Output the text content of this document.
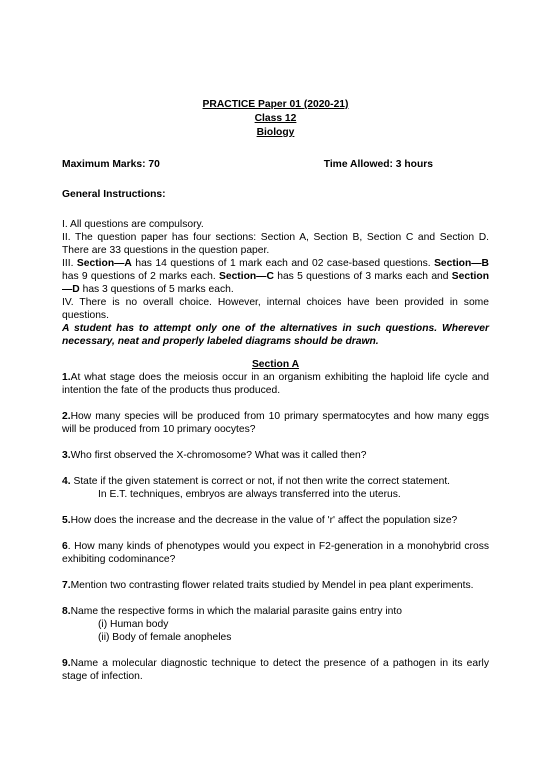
PRACTICE Paper 01 (2020-21)
Class 12
Biology
Maximum Marks: 70	Time Allowed: 3 hours
General Instructions:

I. All questions are compulsory.

II. The question paper has four sections: Section A, Section B, Section C and Section D. There are 33 questions in the question paper.

III. Section—A has 14 questions of 1 mark each and 02 case-based questions. Section—B has 9 questions of 2 marks each. Section—C has 5 questions of 3 marks each and Section—D has 3 questions of 5 marks each.

IV. There is no overall choice. However, internal choices have been provided in some questions.

A student has to attempt only one of the alternatives in such questions. Wherever necessary, neat and properly labeled diagrams should be drawn.

Section A

1.At what stage does the meiosis occur in an organism exhibiting the haploid life cycle and intention the fate of the products thus produced.

2.How many species will be produced from 10 primary spermatocytes and how many eggs will be produced from 10 primary oocytes?

3.Who first observed the X-chromosome? What was it called then?

4. State if the given statement is correct or not, if not then write the correct statement.
In E.T. techniques, embryos are always transferred into the uterus.

5.How does the increase and the decrease in the value of 'r' affect the population size?

6. How many kinds of phenotypes would you expect in F2-generation in a monohybrid cross exhibiting codominance?

7.Mention two contrasting flower related traits studied by Mendel in pea plant experiments.

8.Name the respective forms in which the malarial parasite gains entry into
(i) Human body
(ii) Body of female anopheles

9.Name a molecular diagnostic technique to detect the presence of a pathogen in its early stage of infection.
